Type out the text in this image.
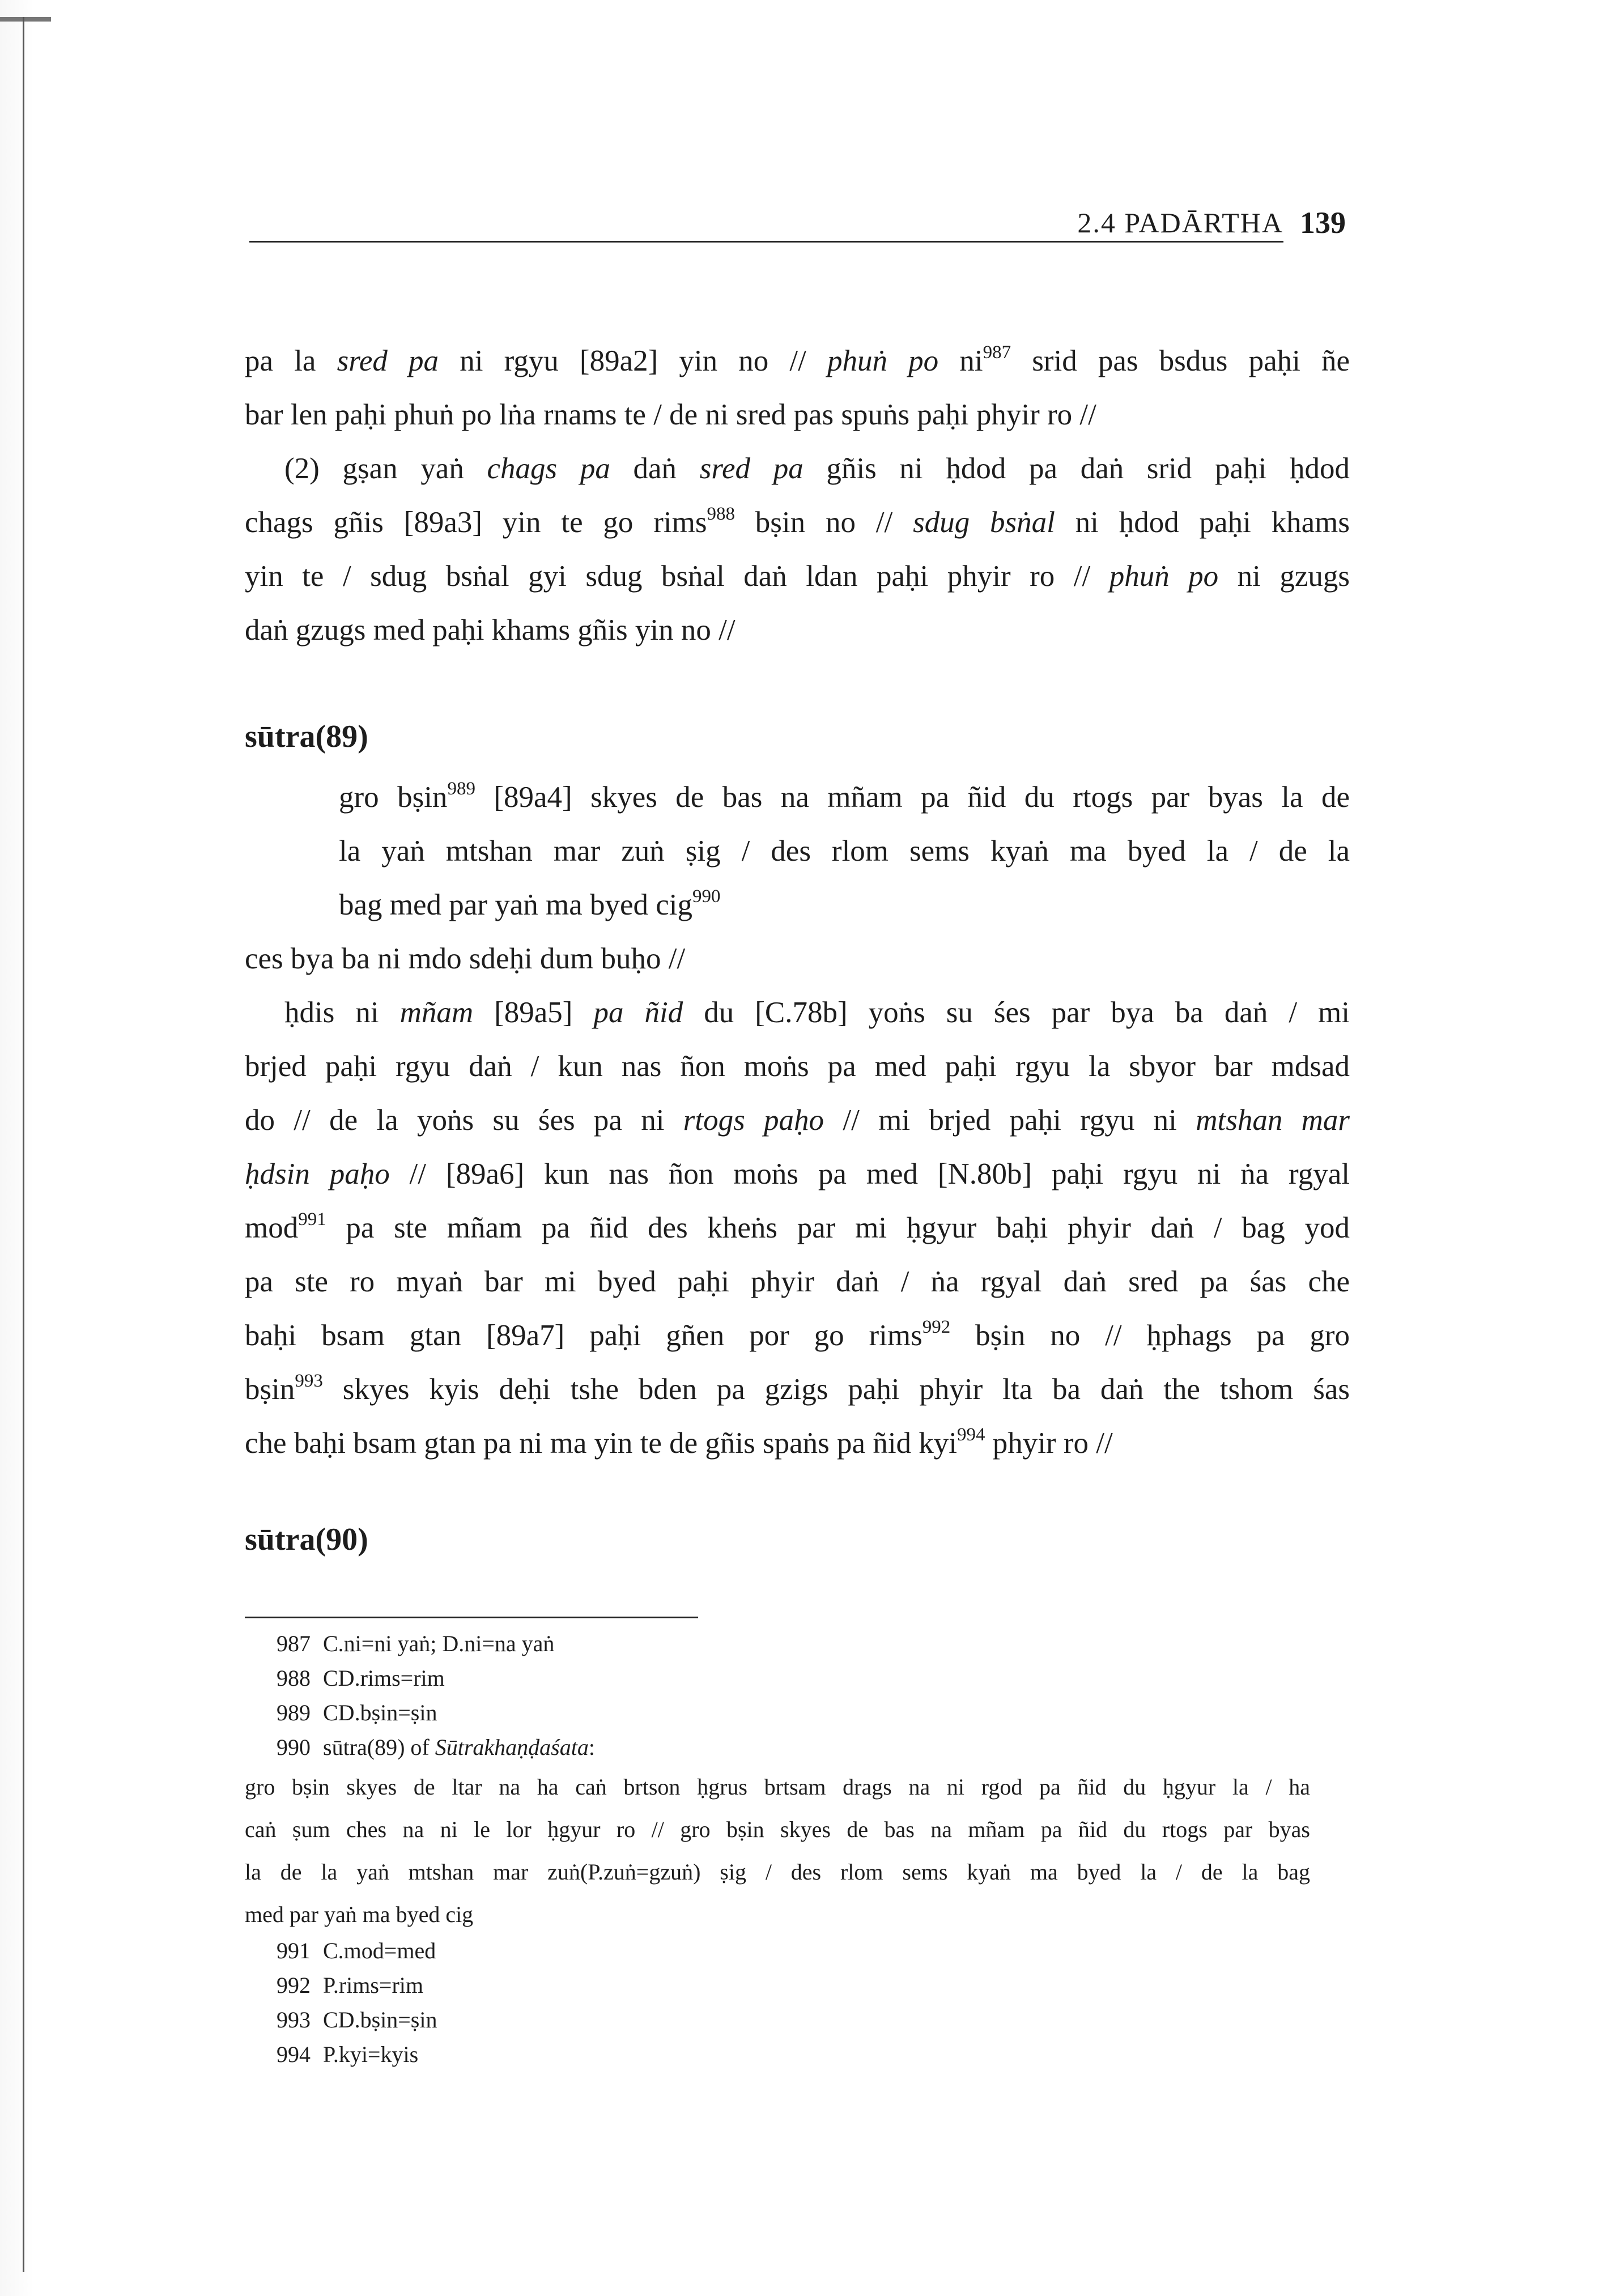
2.4 PADĀRTHA 139
pa la sred pa ni rgyu [89a2] yin no // phuṅ po $ni^{987}$ srid pas bsdus paḥi ñe
bar len paḥi phuṅ po lṅa rnams te / de ni sred pas spuṅs paḥi phyir ro //
(2) gṣan yaṅ chags pa daṅ sred pa gñis ni ḥdod pa daṅ srid paḥi ḥdod
chags gñis [89a3] yin te go rims$^{988}$ bṣin no // sdug bsṅal ni ḥdod paḥi khams
yin te / sdug bsṅal gyi sdug bsṅal daṅ ldan paḥi phyir ro // phuṅ po ni gzugs
daṅ gzugs med paḥi khams gñis yin no //
sūtra(89)
gro bṣin$^{989}$ [89a4] skyes de bas na mñam pa ñid du rtogs par byas la de
la yaṅ mtshan mar zuṅ ṣig / des rlom sems kyaṅ ma byed la / de la
bag med par yaṅ ma byed cig$^{990}$
ces bya ba ni mdo sdeḥi dum buḥo //
ḥdis ni mñam [89a5] pa ñid du [C.78b] yoṅs su śes par bya ba daṅ / mi
brjed paḥi rgyu daṅ / kun nas ñon moṅs pa med paḥi rgyu la sbyor bar mdsad
do // de la yoṅs su śes pa ni rtogs paḥo // mi brjed paḥi rgyu ni mtshan mar
ḥdsin paḥo // [89a6] kun nas ñon moṅs pa med [N.80b] paḥi rgyu ni ṅa rgyal
mod$^{991}$ pa ste mñam pa ñid des kheṅs par mi ḥgyur baḥi phyir daṅ / bag yod
pa ste ro myaṅ bar mi byed paḥi phyir daṅ / ṅa rgyal daṅ sred pa śas che
baḥi bsam gtan [89a7] paḥi gñen por go rims$^{992}$ bṣin no // ḥphags pa gro
bṣin$^{993}$ skyes kyis deḥi tshe bden pa gzigs paḥi phyir lta ba daṅ the tshom śas
che baḥi bsam gtan pa ni ma yin te de gñis spaṅs pa ñid kyi$^{994}$ phyir ro //
sūtra(90)
987 C.ni=ni yaṅ; D.ni=na yaṅ
988 CD.rims=rim
989 CD.bṣin=ṣin
990 sūtra(89) of Sūtrakhaṇḍaśata:
gro bṣin skyes de ltar na ha caṅ brtson ḥgrus brtsam drags na ni rgod pa ñid du ḥgyur la / ha
caṅ ṣum ches na ni le lor ḥgyur ro // gro bṣin skyes de bas na mñam pa ñid du rtogs par byas
la de la yaṅ mtshan mar zuṅ(P.zuṅ=gzuṅ) ṣig / des rlom sems kyaṅ ma byed la / de la bag
med par yaṅ ma byed cig
991 C.mod=med
992 P.rims=rim
993 CD.bṣin=ṣin
994 P.kyi=kyis
